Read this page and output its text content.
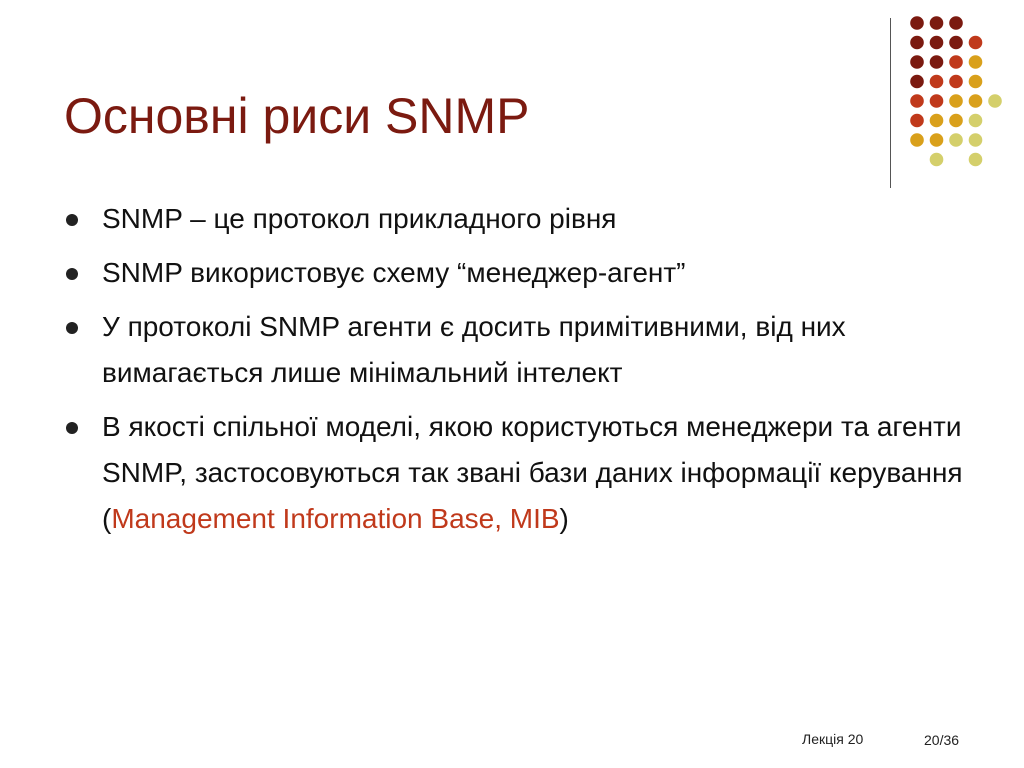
Основні риси SNMP
SNMP – це протокол прикладного рівня
SNMP використовує схему “менеджер-агент”
У протоколі SNMP агенти є досить примітивними, від них вимагається лише мінімальний інтелект
В якості спільної моделі, якою користуються менеджери та агенти SNMP, застосовуються так звані бази даних інформації керування (Management Information Base, MIB)
Лекція 20	20/36
